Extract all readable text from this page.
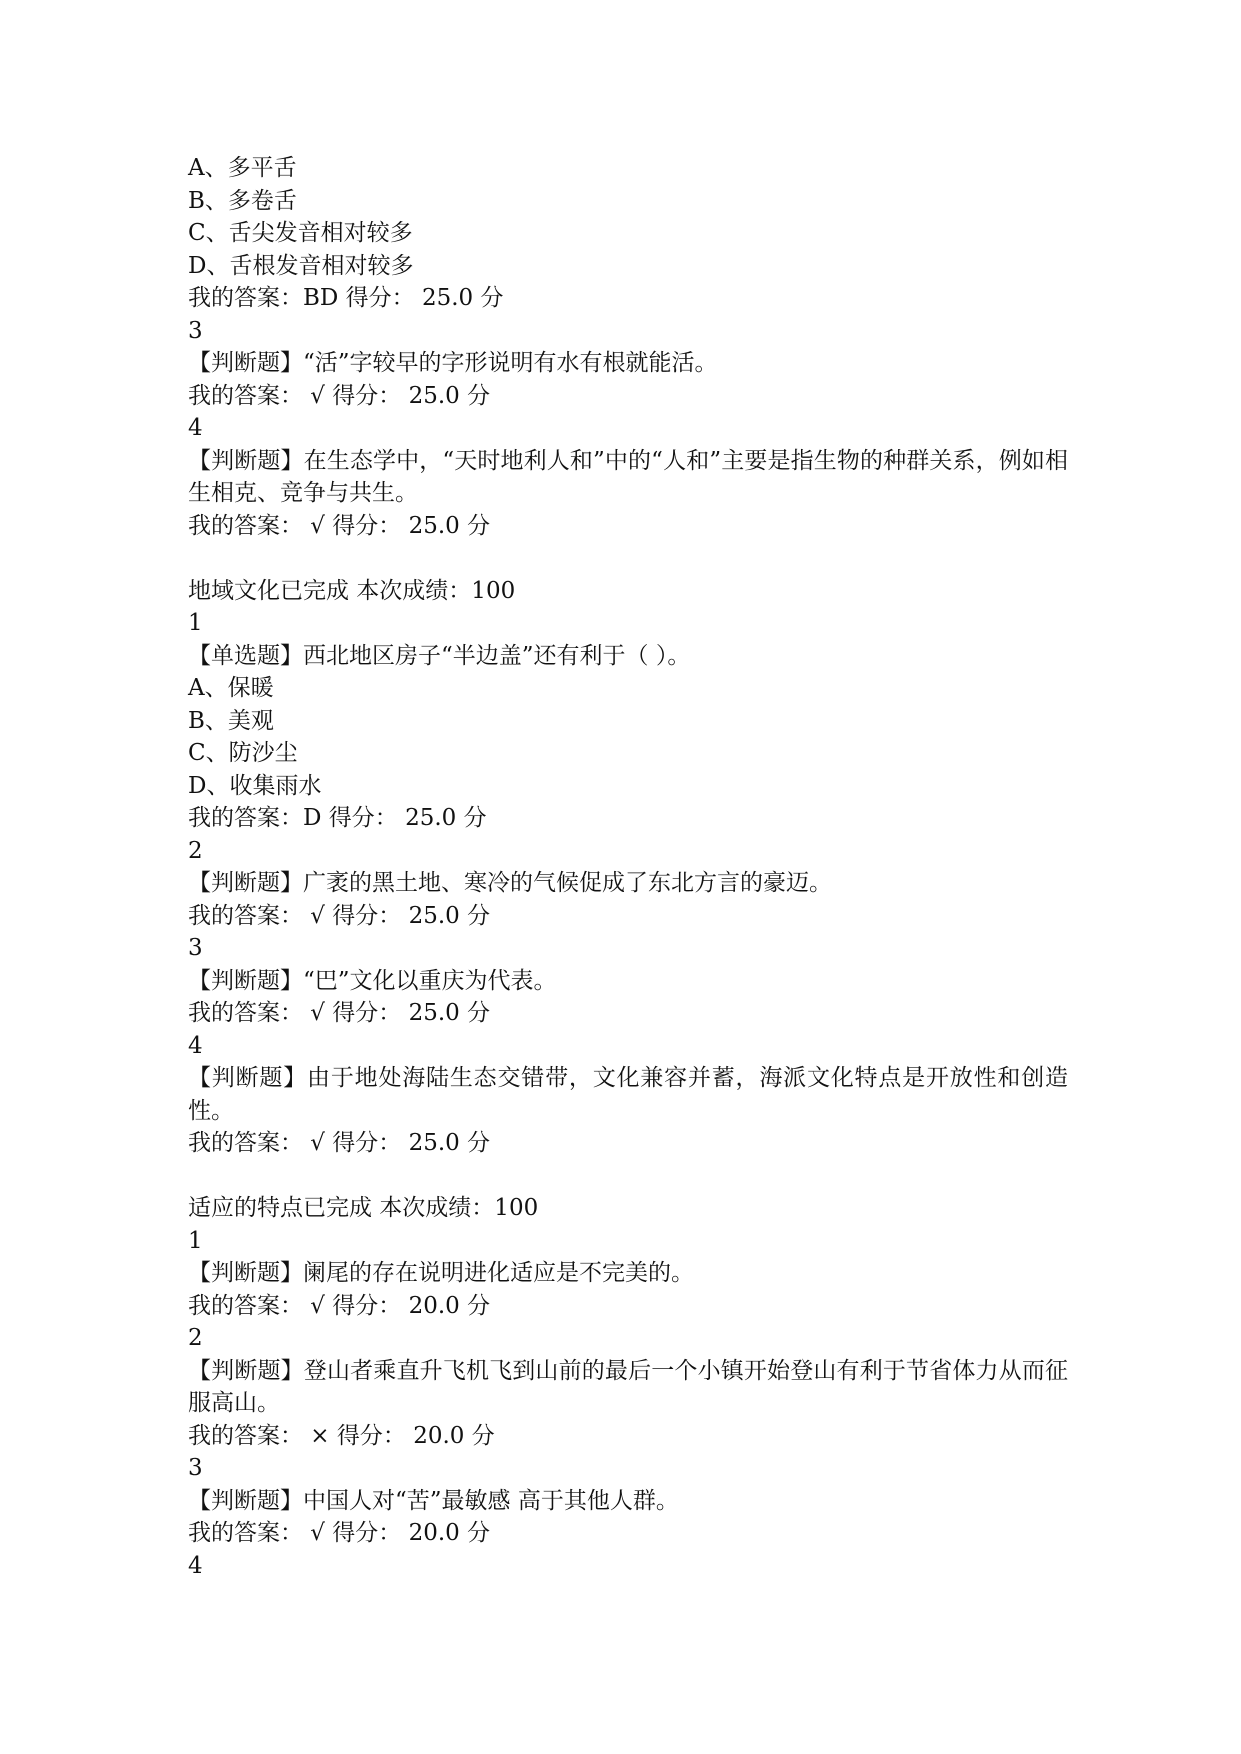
A、多平舌
B、多卷舌
C、舌尖发音相对较多
D、舌根发音相对较多
我的答案：BD 得分： 25.0 分
3
【判断题】“活”字较早的字形说明有水有根就能活。
我的答案： √ 得分： 25.0 分
4
【判断题】在生态学中，“天时地利人和”中的“人和”主要是指生物的种群关系，例如相生相克、竞争与共生。
我的答案： √ 得分： 25.0 分
地域文化已完成 本次成绩：100
1
【单选题】西北地区房子“半边盖”还有利于（ ）。
A、保暖
B、美观
C、防沙尘
D、收集雨水
我的答案：D 得分： 25.0 分
2
【判断题】广袤的黑土地、寒冷的气候促成了东北方言的豪迈。
我的答案： √ 得分： 25.0 分
3
【判断题】“巴”文化以重庆为代表。
我的答案： √ 得分： 25.0 分
4
【判断题】由于地处海陆生态交错带，文化兼容并蓄，海派文化特点是开放性和创造性。
我的答案： √ 得分： 25.0 分
适应的特点已完成 本次成绩：100
1
【判断题】阑尾的存在说明进化适应是不完美的。
我的答案： √ 得分： 20.0 分
2
【判断题】登山者乘直升飞机飞到山前的最后一个小镇开始登山有利于节省体力从而征服高山。
我的答案： × 得分： 20.0 分
3
【判断题】中国人对“苦”最敏感 高于其他人群。
我的答案： √ 得分： 20.0 分
4
